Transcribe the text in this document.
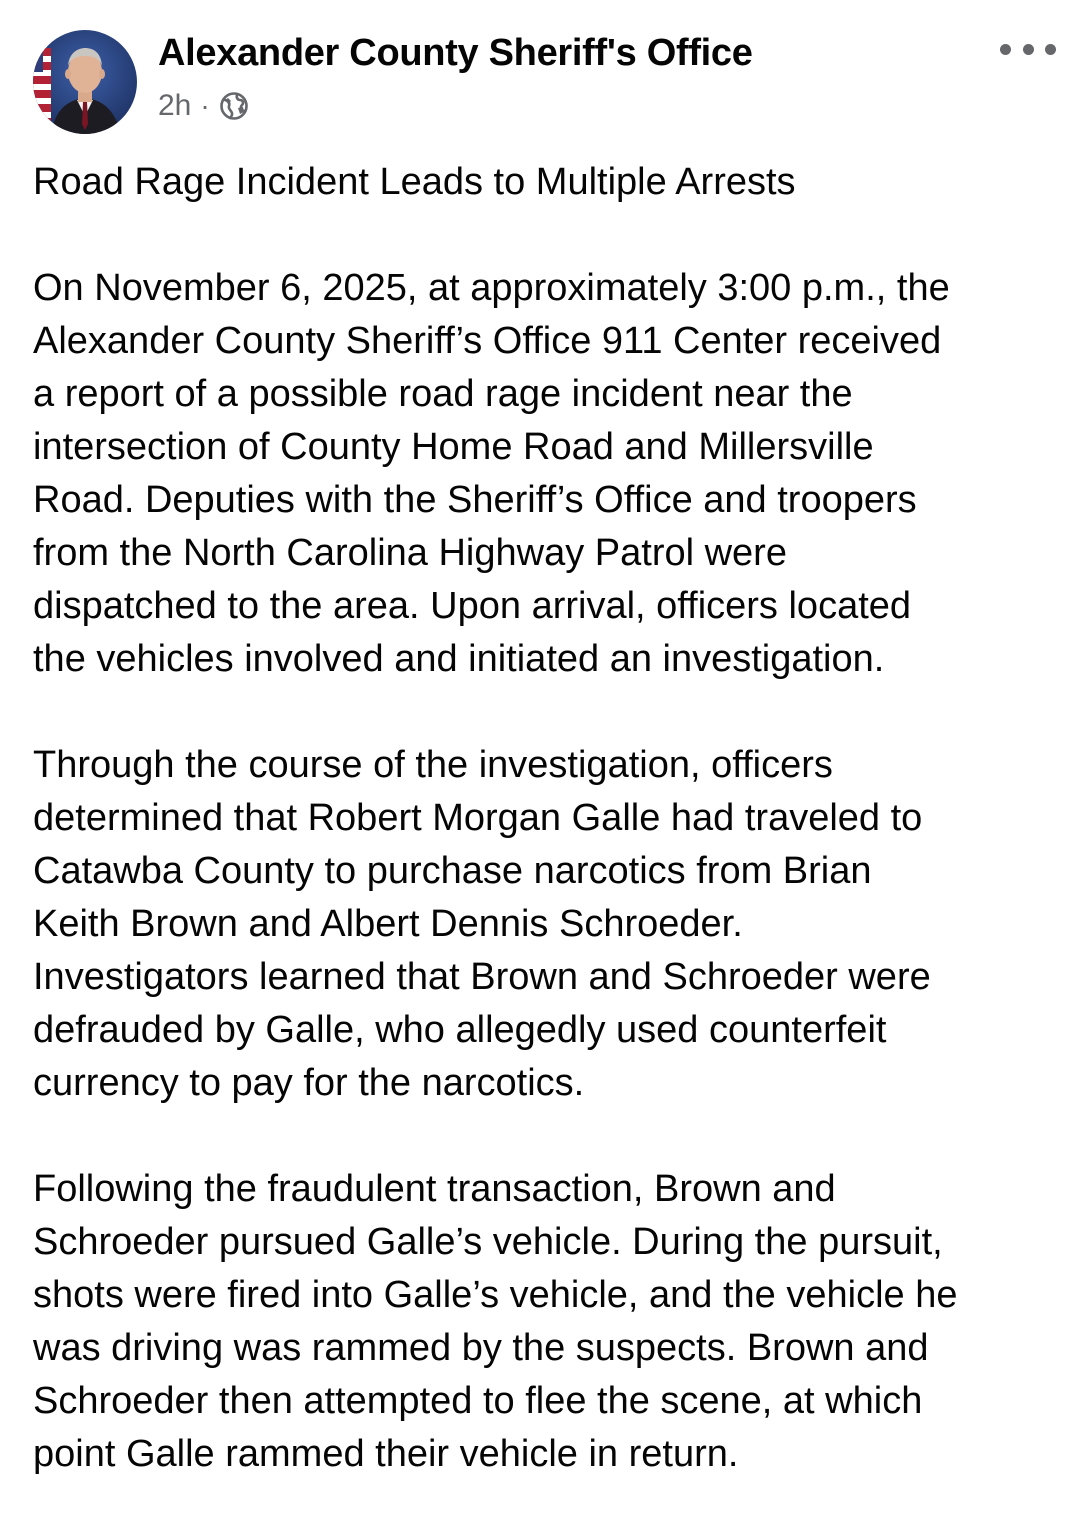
Alexander County Sheriff's Office
2h ·

Road Rage Incident Leads to Multiple Arrests

On November 6, 2025, at approximately 3:00 p.m., the
Alexander County Sheriff’s Office 911 Center received
a report of a possible road rage incident near the
intersection of County Home Road and Millersville
Road. Deputies with the Sheriff’s Office and troopers
from the North Carolina Highway Patrol were
dispatched to the area. Upon arrival, officers located
the vehicles involved and initiated an investigation.

Through the course of the investigation, officers
determined that Robert Morgan Galle had traveled to
Catawba County to purchase narcotics from Brian
Keith Brown and Albert Dennis Schroeder.
Investigators learned that Brown and Schroeder were
defrauded by Galle, who allegedly used counterfeit
currency to pay for the narcotics.

Following the fraudulent transaction, Brown and
Schroeder pursued Galle’s vehicle. During the pursuit,
shots were fired into Galle’s vehicle, and the vehicle he
was driving was rammed by the suspects. Brown and
Schroeder then attempted to flee the scene, at which
point Galle rammed their vehicle in return.
